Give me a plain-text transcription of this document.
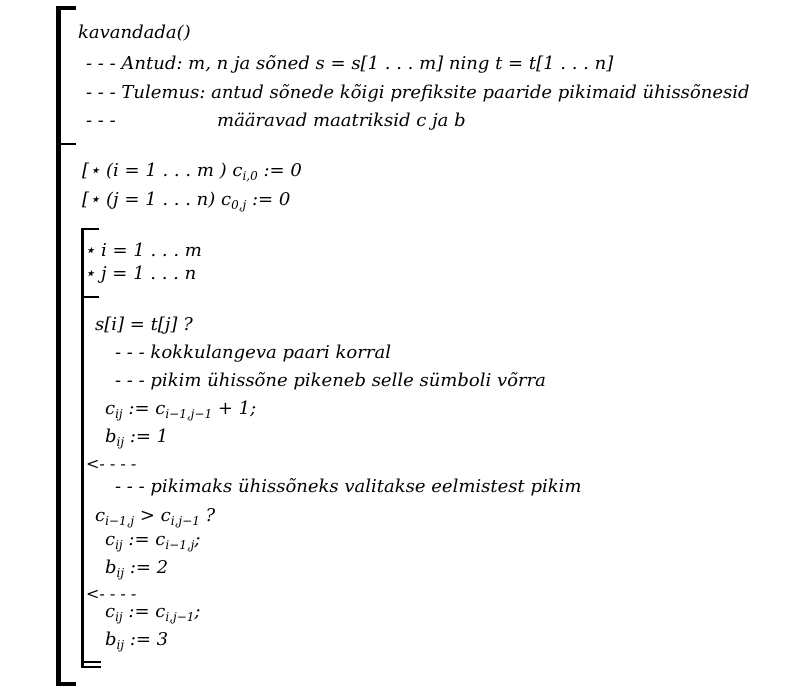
kavandada()
- - - Antud: m, n ja sõned s = s[1 . . . m] ning t = t[1 . . . n]
- - - Tulemus: antud sõnede kõigi prefiksite paaride pikimaid ühissõnesid
- - -	määravad maatriksid c ja b
[⋆ (i = 1 . . . m ) $c_{i,0}$ := 0
[⋆ (j = 1 . . . n) $c_{0,j}$ := 0
⋆ i = 1 . . . m
⋆ j = 1 . . . n
s[i] = t[j] ?
- - - kokkulangeva paari korral
- - - pikim ühissõne pikeneb selle sümboli võrra
$c_{ij}$ := $c_{i-1,j-1} + 1$;
$b_{ij}$ := 1
<- - - -
- - - pikimaks ühissõneks valitakse eelmistest pikim
$c_{i-1,j} > c_{i,j-1}$ ?
$c_{ij}$ := $c_{i-1,j}$;
$b_{ij}$ := 2
<- - - -
$c_{ij}$ := $c_{i,j-1}$;
$b_{ij}$ := 3
